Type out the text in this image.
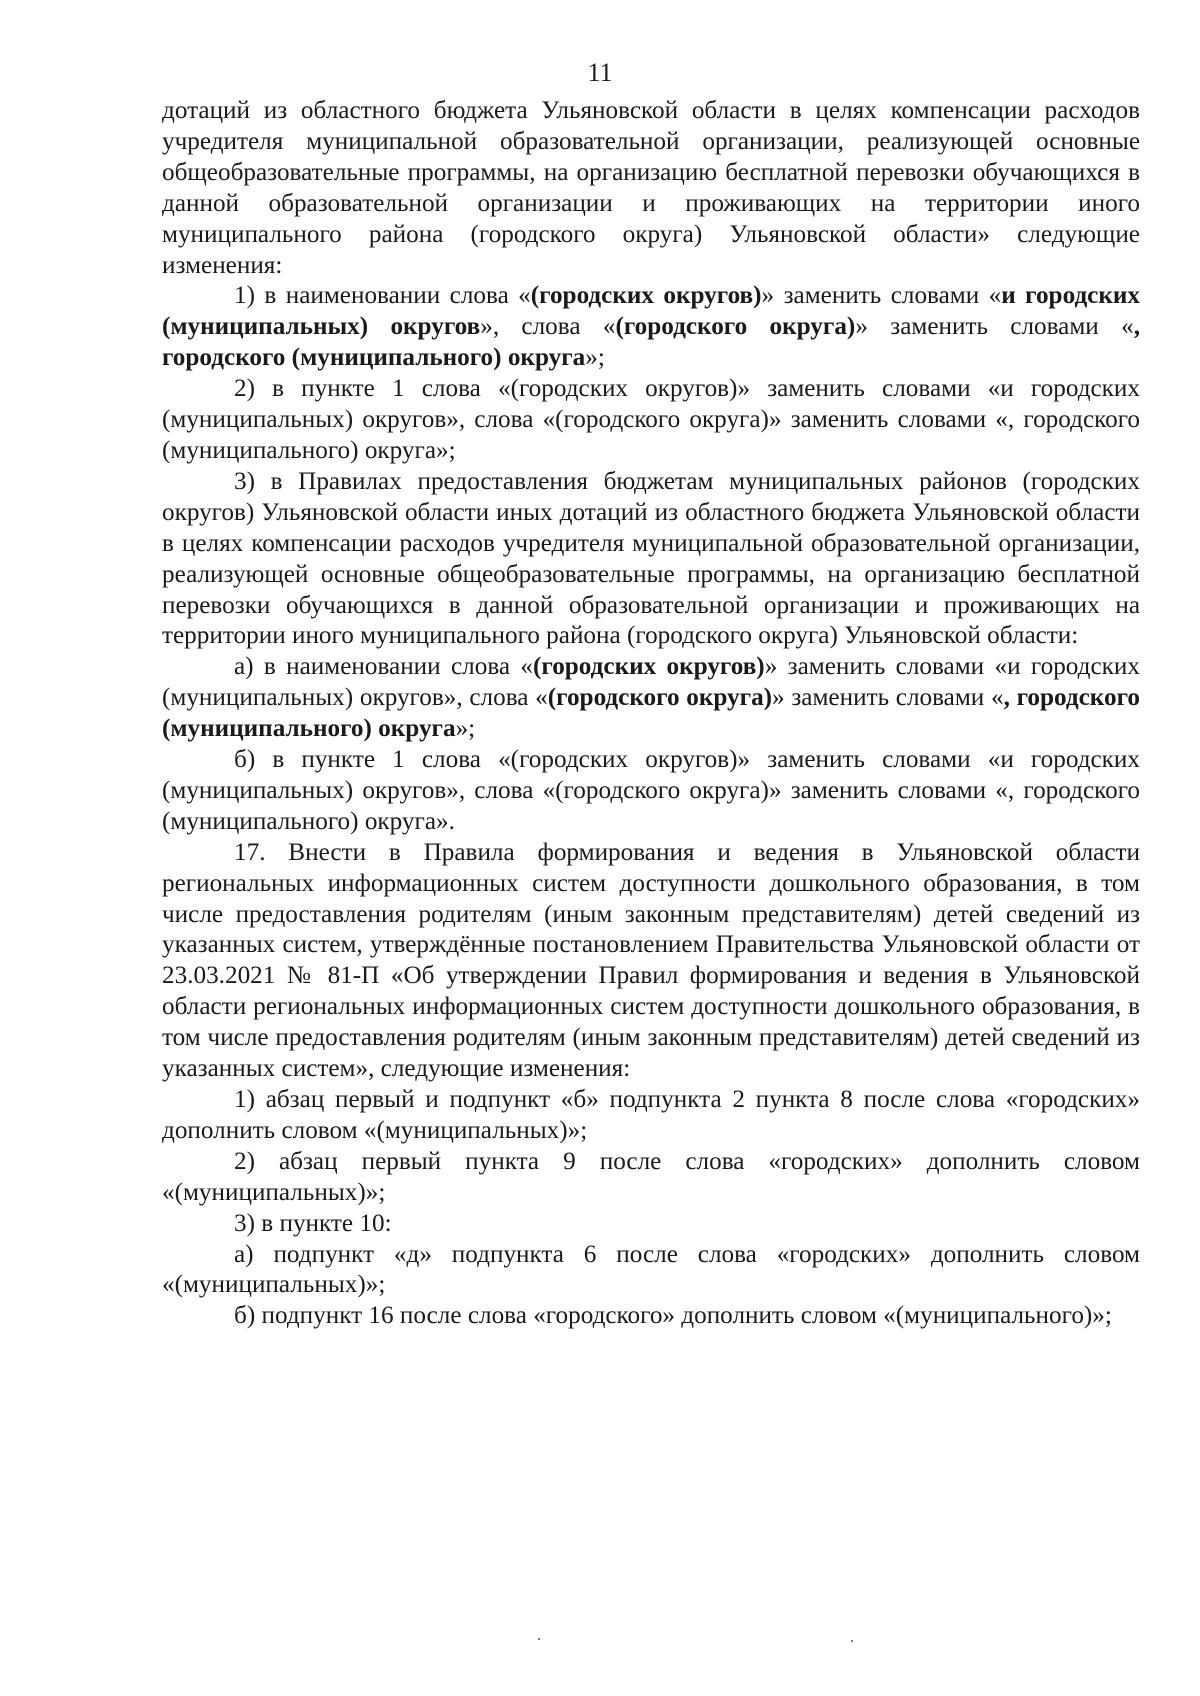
11

дотаций из областного бюджета Ульяновской области в целях компенсации расходов учредителя муниципальной образовательной организации, реализующей основные общеобразовательные программы, на организацию бесплатной перевозки обучающихся в данной образовательной организации и проживающих на территории иного муниципального района (городского округа) Ульяновской области» следующие изменения:

1) в наименовании слова «(городских округов)» заменить словами «и городских (муниципальных) округов», слова «(городского округа)» заменить словами «, городского (муниципального) округа»;

2) в пункте 1 слова «(городских округов)» заменить словами «и городских (муниципальных) округов», слова «(городского округа)» заменить словами «, городского (муниципального) округа»;

3) в Правилах предоставления бюджетам муниципальных районов (городских округов) Ульяновской области иных дотаций из областного бюджета Ульяновской области в целях компенсации расходов учредителя муниципальной образовательной организации, реализующей основные общеобразовательные программы, на организацию бесплатной перевозки обучающихся в данной образовательной организации и проживающих на территории иного муниципального района (городского округа) Ульяновской области:

а) в наименовании слова «(городских округов)» заменить словами «и городских (муниципальных) округов», слова «(городского округа)» заменить словами «, городского (муниципального) округа»;

б) в пункте 1 слова «(городских округов)» заменить словами «и городских (муниципальных) округов», слова «(городского округа)» заменить словами «, городского (муниципального) округа».

17. Внести в Правила формирования и ведения в Ульяновской области региональных информационных систем доступности дошкольного образования, в том числе предоставления родителям (иным законным представителям) детей сведений из указанных систем, утверждённые постановлением Правительства Ульяновской области от 23.03.2021 № 81-П «Об утверждении Правил формирования и ведения в Ульяновской области региональных информационных систем доступности дошкольного образования, в том числе предоставления родителям (иным законным представителям) детей сведений из указанных систем», следующие изменения:

1) абзац первый и подпункт «б» подпункта 2 пункта 8 после слова «городских» дополнить словом «(муниципальных)»;

2) абзац первый пункта 9 после слова «городских» дополнить словом «(муниципальных)»;

3) в пункте 10:

а) подпункт «д» подпункта 6 после слова «городских» дополнить словом «(муниципальных)»;

б) подпункт 16 после слова «городского» дополнить словом «(муниципального)»;
